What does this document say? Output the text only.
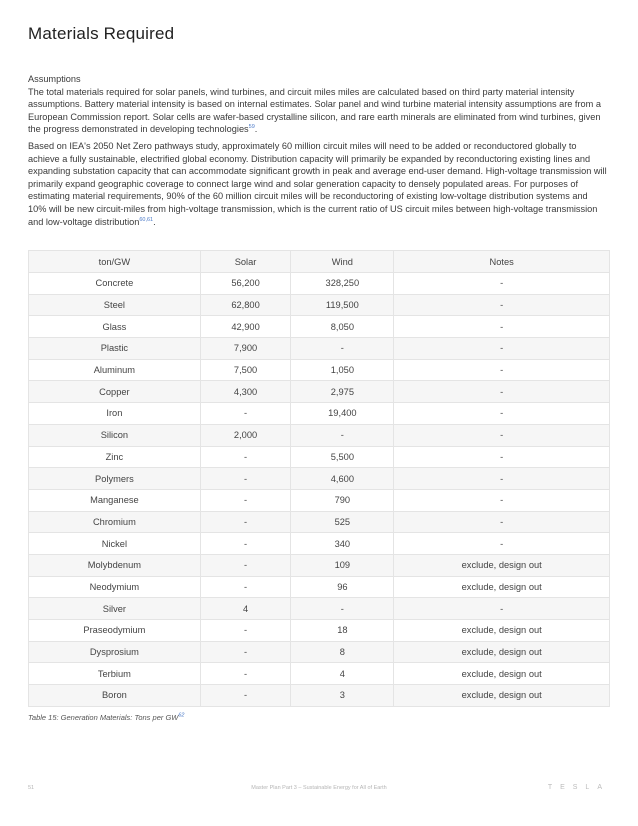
Materials Required
Assumptions
The total materials required for solar panels, wind turbines, and circuit miles miles are calculated based on third party material intensity assumptions. Battery material intensity is based on internal estimates. Solar panel and wind turbine material intensity assumptions are from a European Commission report. Solar cells are wafer-based crystalline silicon, and rare earth minerals are eliminated from wind turbines, given the progress demonstrated in developing technologies$^{59}$.
Based on IEA's 2050 Net Zero pathways study, approximately 60 million circuit miles will need to be added or reconductored globally to achieve a fully sustainable, electrified global economy. Distribution capacity will primarily be expanded by reconductoring existing lines and expanding substation capacity that can accommodate significant growth in peak and average end-user demand. High-voltage transmission will primarily expand geographic coverage to connect large wind and solar generation capacity to densely populated areas. For purposes of estimating material requirements, 90% of the 60 million circuit miles will be reconductoring of existing low-voltage distribution systems and 10% will be new circuit-miles from high-voltage transmission, which is the current ratio of US circuit miles between high-voltage transmission and low-voltage distribution$^{60,61}$.
ton/GW	Solar	Wind	Notes
Concrete	56,200	328,250	-
Steel	62,800	119,500	-
Glass	42,900	8,050	-
Plastic	7,900	-	-
Aluminum	7,500	1,050	-
Copper	4,300	2,975	-
Iron	-	19,400	-
Silicon	2,000	-	-
Zinc	-	5,500	-
Polymers	-	4,600	-
Manganese	-	790	-
Chromium	-	525	-
Nickel	-	340	-
Molybdenum	-	109	exclude, design out
Neodymium	-	96	exclude, design out
Silver	4	-	-
Praseodymium	-	18	exclude, design out
Dysprosium	-	8	exclude, design out
Terbium	-	4	exclude, design out
Boron	-	3	exclude, design out
Table 15: Generation Materials: Tons per GW$^{62}$
51	Master Plan Part 3 – Sustainable Energy for All of Earth	TESLA
